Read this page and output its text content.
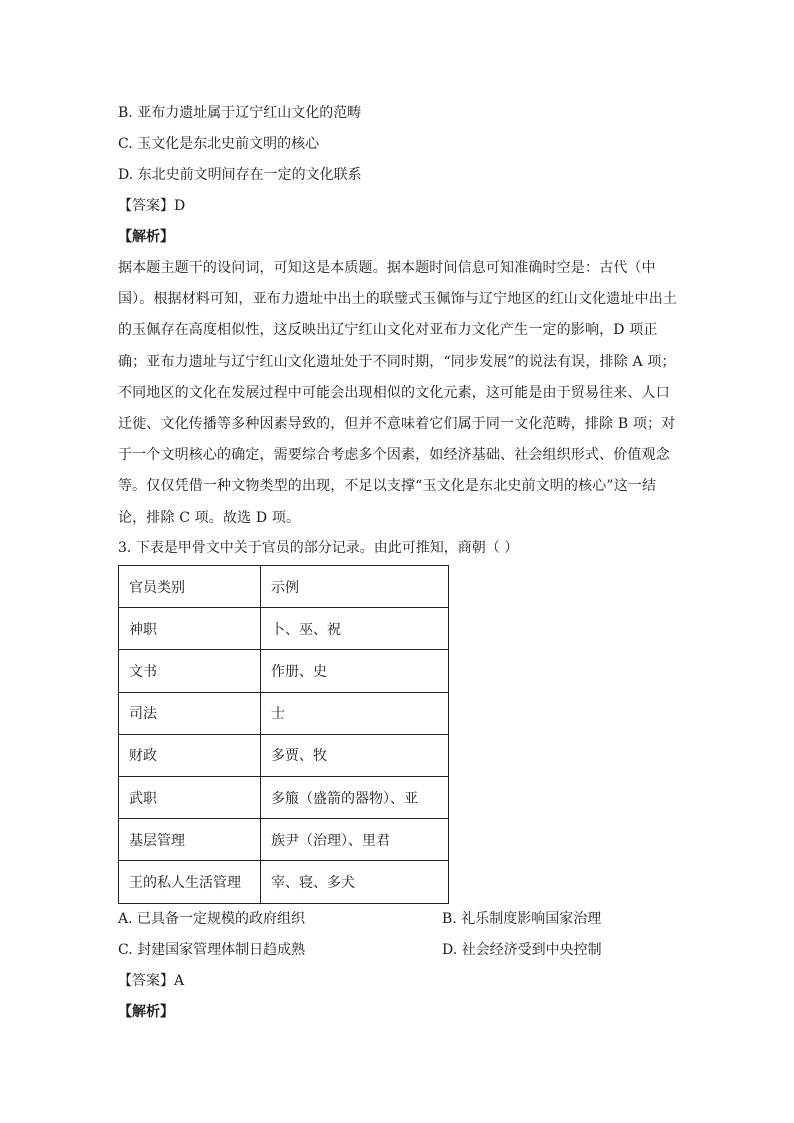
B. 亚布力遗址属于辽宁红山文化的范畴
C. 玉文化是东北史前文明的核心
D. 东北史前文明间存在一定的文化联系
【答案】D
【解析】
据本题主题干的设问词，可知这是本质题。据本题时间信息可知准确时空是：古代（中
国）。根据材料可知，亚布力遗址中出土的联璧式玉佩饰与辽宁地区的红山文化遗址中出土
的玉佩存在高度相似性，这反映出辽宁红山文化对亚布力文化产生一定的影响，D 项正
确；亚布力遗址与辽宁红山文化遗址处于不同时期，“同步发展”的说法有误，排除 A 项；
不同地区的文化在发展过程中可能会出现相似的文化元素，这可能是由于贸易往来、人口
迁徙、文化传播等多种因素导致的，但并不意味着它们属于同一文化范畴，排除 B 项；对
于一个文明核心的确定，需要综合考虑多个因素，如经济基础、社会组织形式、价值观念
等。仅仅凭借一种文物类型的出现，不足以支撑“玉文化是东北史前文明的核心”这一结
论，排除 C 项。故选 D 项。
3. 下表是甲骨文中关于官员的部分记录。由此可推知，商朝（ ）
官员类别	示例
神职	卜、巫、祝
文书	作册、史
司法	士
财政	多贾、牧
武职	多箙（盛箭的器物）、亚
基层管理	族尹（治理）、里君
王的私人生活管理	宰、寝、多犬
A. 已具备一定规模的政府组织	B. 礼乐制度影响国家治理
C. 封建国家管理体制日趋成熟	D. 社会经济受到中央控制
【答案】A
【解析】
